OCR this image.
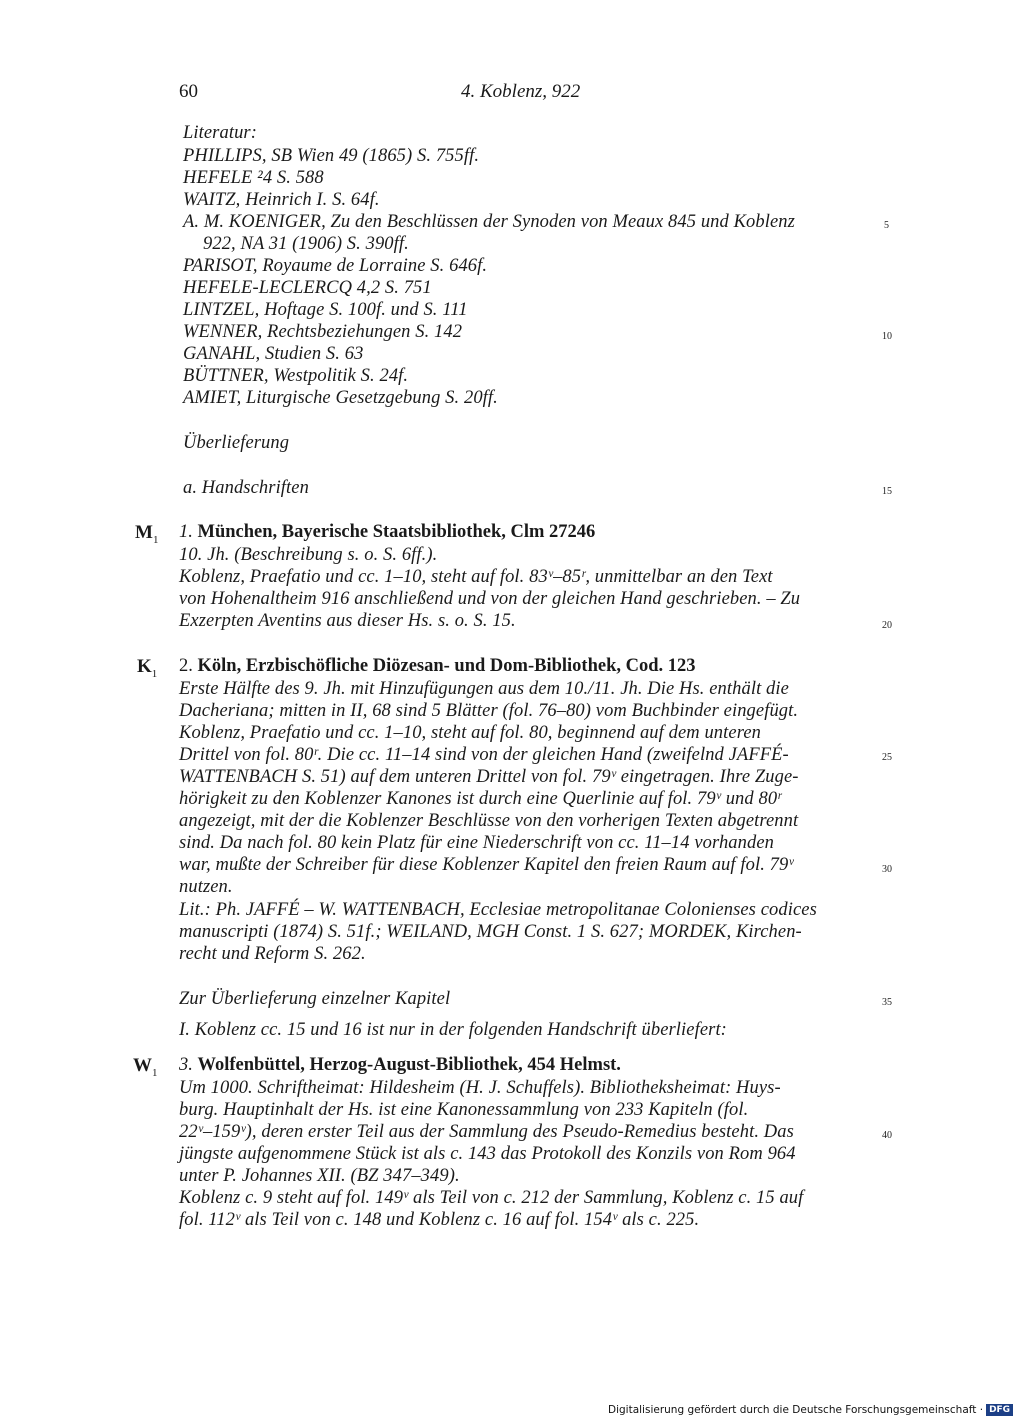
60	4. Koblenz, 922
Literatur:
PHILLIPS, SB Wien 49 (1865) S. 755ff.
HEFELE ²4 S. 588
WAITZ, Heinrich I. S. 64f.
A. M. KOENIGER, Zu den Beschlüssen der Synoden von Meaux 845 und Koblenz
922, NA 31 (1906) S. 390ff.
PARISOT, Royaume de Lorraine S. 646f.
HEFELE-LECLERCQ 4,2 S. 751
LINTZEL, Hoftage S. 100f. und S. 111
WENNER, Rechtsbeziehungen S. 142
GANAHL, Studien S. 63
BÜTTNER, Westpolitik S. 24f.
AMIET, Liturgische Gesetzgebung S. 20ff.
Überlieferung
a. Handschriften
$M_1$ 1. München, Bayerische Staatsbibliothek, Clm 27246
10. Jh. (Beschreibung s. o. S. 6ff.).
Koblenz, Praefatio und cc. 1–10, steht auf fol. 83ᵛ–85ʳ, unmittelbar an den Text
von Hohenaltheim 916 anschließend und von der gleichen Hand geschrieben. – Zu
Exzerpten Aventins aus dieser Hs. s. o. S. 15.
$K_1$ 2. Köln, Erzbischöfliche Diözesan- und Dom-Bibliothek, Cod. 123
Erste Hälfte des 9. Jh. mit Hinzufügungen aus dem 10./11. Jh. Die Hs. enthält die
Dacheriana; mitten in II, 68 sind 5 Blätter (fol. 76–80) vom Buchbinder eingefügt.
Koblenz, Praefatio und cc. 1–10, steht auf fol. 80, beginnend auf dem unteren
Drittel von fol. 80ʳ. Die cc. 11–14 sind von der gleichen Hand (zweifelnd JAFFÉ-
WATTENBACH S. 51) auf dem unteren Drittel von fol. 79ᵛ eingetragen. Ihre Zuge-
hörigkeit zu den Koblenzer Kanones ist durch eine Querlinie auf fol. 79ᵛ und 80ʳ
angezeigt, mit der die Koblenzer Beschlüsse von den vorherigen Texten abgetrennt
sind. Da nach fol. 80 kein Platz für eine Niederschrift von cc. 11–14 vorhanden
war, mußte der Schreiber für diese Koblenzer Kapitel den freien Raum auf fol. 79ᵛ
nutzen.
Lit.: Ph. JAFFÉ – W. WATTENBACH, Ecclesiae metropolitanae Colonienses codices
manuscripti (1874) S. 51f.; WEILAND, MGH Const. 1 S. 627; MORDEK, Kirchen-
recht und Reform S. 262.
Zur Überlieferung einzelner Kapitel
I. Koblenz cc. 15 und 16 ist nur in der folgenden Handschrift überliefert:
$W_1$ 3. Wolfenbüttel, Herzog-August-Bibliothek, 454 Helmst.
Um 1000. Schriftheimat: Hildesheim (H. J. Schuffels). Bibliotheksheimat: Huys-
burg. Hauptinhalt der Hs. ist eine Kanonessammlung von 233 Kapiteln (fol.
22ᵛ–159ᵛ), deren erster Teil aus der Sammlung des Pseudo-Remedius besteht. Das
jüngste aufgenommene Stück ist als c. 143 das Protokoll des Konzils von Rom 964
unter P. Johannes XII. (BZ 347–349).
Koblenz c. 9 steht auf fol. 149ᵛ als Teil von c. 212 der Sammlung, Koblenz c. 15 auf
fol. 112ᵛ als Teil von c. 148 und Koblenz c. 16 auf fol. 154ᵛ als c. 225.
5
10
15
20
25
30
35
40
Digitalisierung gefördert durch die Deutsche Forschungsgemeinschaft · DFG
